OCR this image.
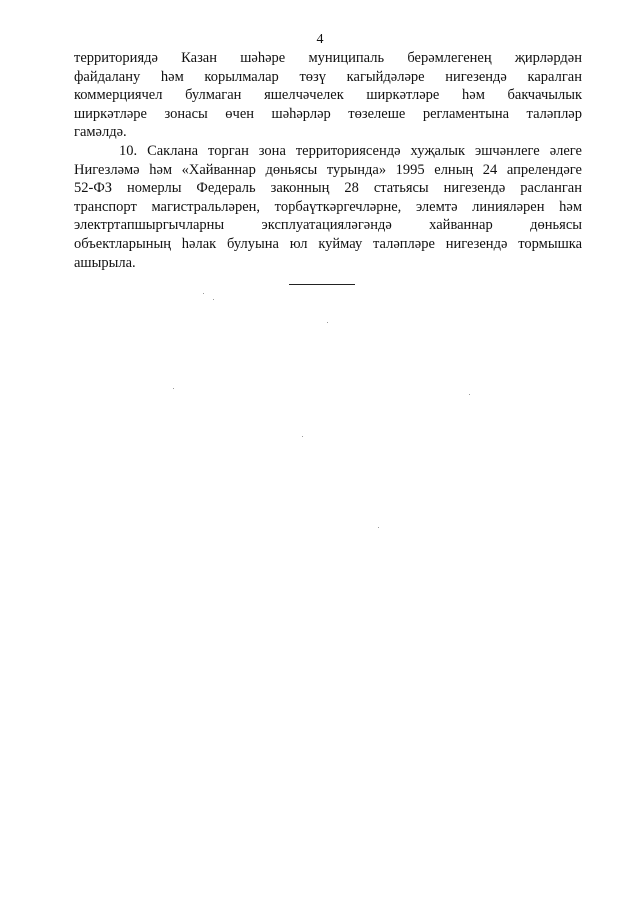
4
территориядә Казан шәһәре муниципаль берәмлегенең җирләрдән
файдалану һәм корылмалар төзү кагыйдәләре нигезендә каралган
коммерциячел булмаган яшелчәчелек ширкәтләре һәм бакчачылык
ширкәтләре зонасы өчен шәһәрләр төзелеше регламентына таләпләр
гамәлдә.
10. Саклана торган зона территориясендә хуҗалык эшчәнлеге әлеге
Нигезләмә һәм «Хайваннар дөньясы турында» 1995 елның 24 апрелендәге
52-ФЗ номерлы Федераль законның 28 статьясы нигезендә расланган
транспорт магистральләрен, торбаүткәргечләрне, элемтә линияләрен һәм
электртапшыргычларны эксплуатацияләгәндә хайваннар дөньясы
объектларының һәлак булуына юл куймау таләпләре нигезендә тормышка
ашырыла.
